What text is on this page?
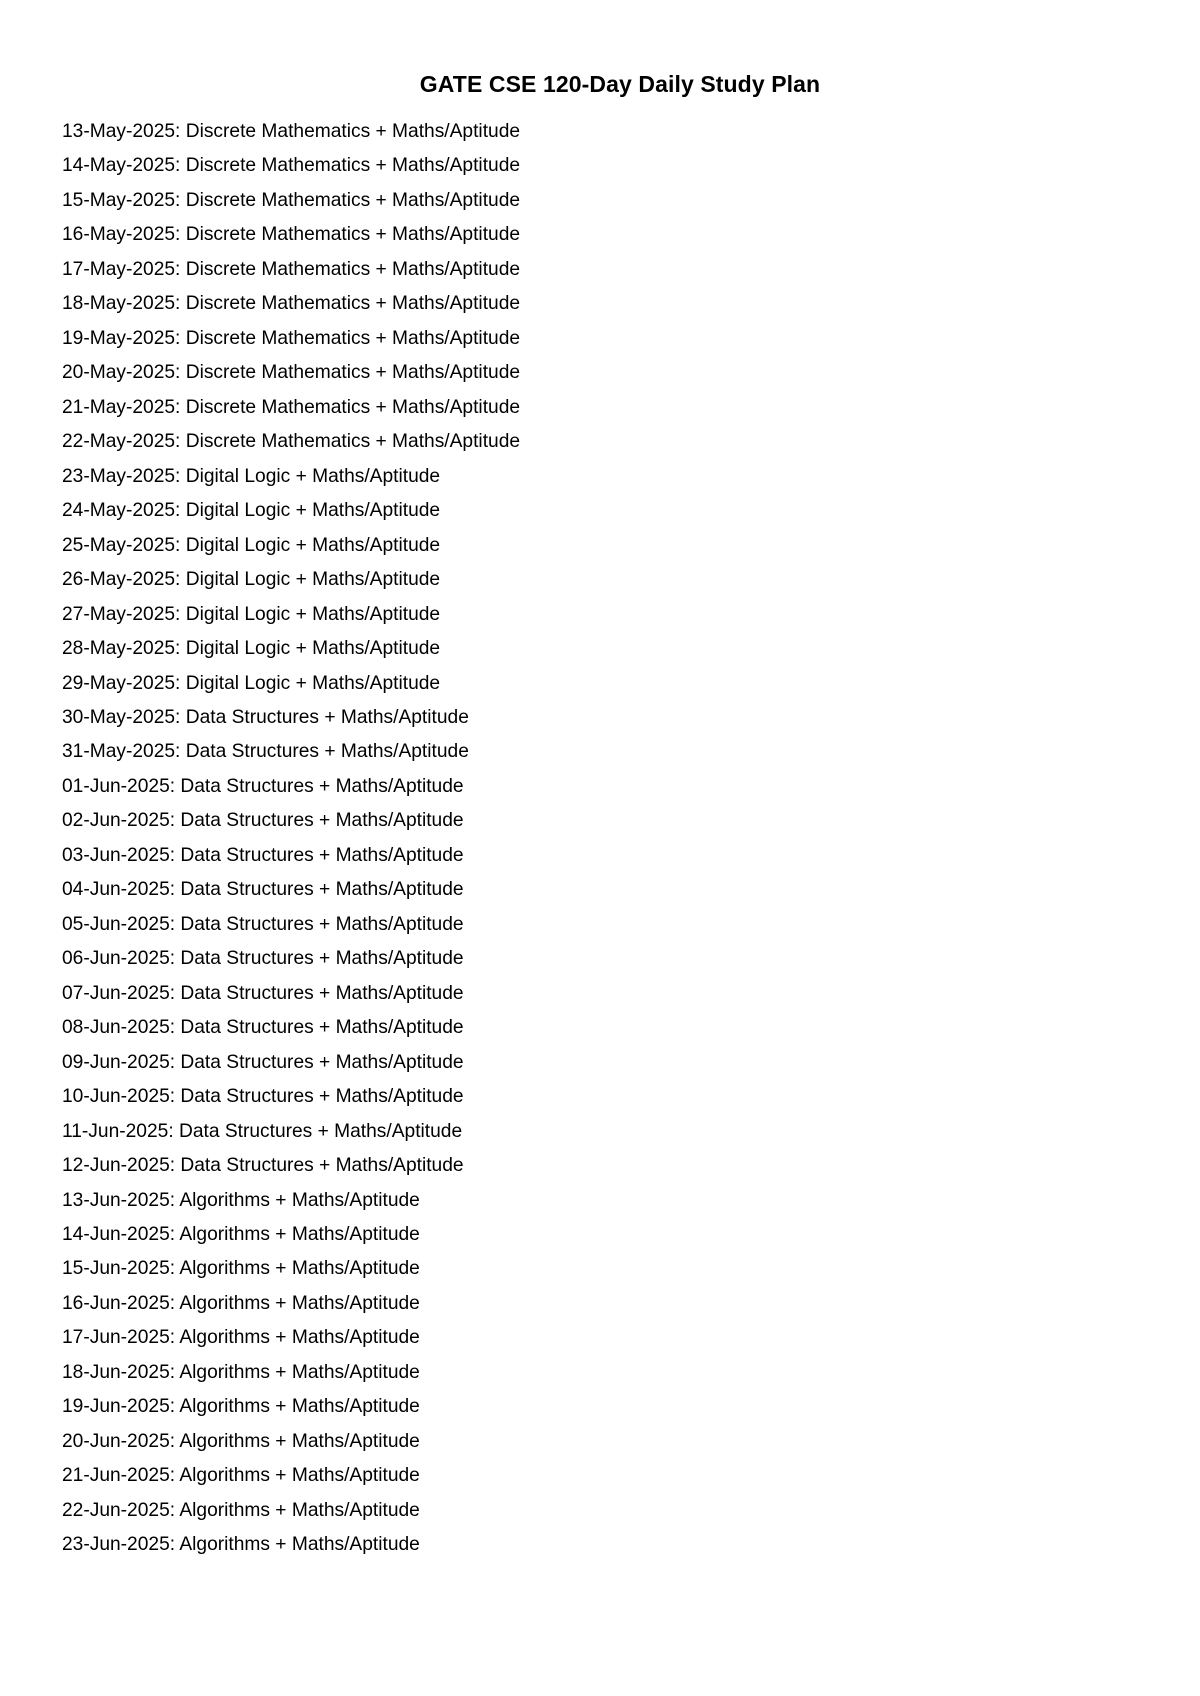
GATE CSE 120-Day Daily Study Plan
13-May-2025: Discrete Mathematics + Maths/Aptitude
14-May-2025: Discrete Mathematics + Maths/Aptitude
15-May-2025: Discrete Mathematics + Maths/Aptitude
16-May-2025: Discrete Mathematics + Maths/Aptitude
17-May-2025: Discrete Mathematics + Maths/Aptitude
18-May-2025: Discrete Mathematics + Maths/Aptitude
19-May-2025: Discrete Mathematics + Maths/Aptitude
20-May-2025: Discrete Mathematics + Maths/Aptitude
21-May-2025: Discrete Mathematics + Maths/Aptitude
22-May-2025: Discrete Mathematics + Maths/Aptitude
23-May-2025: Digital Logic + Maths/Aptitude
24-May-2025: Digital Logic + Maths/Aptitude
25-May-2025: Digital Logic + Maths/Aptitude
26-May-2025: Digital Logic + Maths/Aptitude
27-May-2025: Digital Logic + Maths/Aptitude
28-May-2025: Digital Logic + Maths/Aptitude
29-May-2025: Digital Logic + Maths/Aptitude
30-May-2025: Data Structures + Maths/Aptitude
31-May-2025: Data Structures + Maths/Aptitude
01-Jun-2025: Data Structures + Maths/Aptitude
02-Jun-2025: Data Structures + Maths/Aptitude
03-Jun-2025: Data Structures + Maths/Aptitude
04-Jun-2025: Data Structures + Maths/Aptitude
05-Jun-2025: Data Structures + Maths/Aptitude
06-Jun-2025: Data Structures + Maths/Aptitude
07-Jun-2025: Data Structures + Maths/Aptitude
08-Jun-2025: Data Structures + Maths/Aptitude
09-Jun-2025: Data Structures + Maths/Aptitude
10-Jun-2025: Data Structures + Maths/Aptitude
11-Jun-2025: Data Structures + Maths/Aptitude
12-Jun-2025: Data Structures + Maths/Aptitude
13-Jun-2025: Algorithms + Maths/Aptitude
14-Jun-2025: Algorithms + Maths/Aptitude
15-Jun-2025: Algorithms + Maths/Aptitude
16-Jun-2025: Algorithms + Maths/Aptitude
17-Jun-2025: Algorithms + Maths/Aptitude
18-Jun-2025: Algorithms + Maths/Aptitude
19-Jun-2025: Algorithms + Maths/Aptitude
20-Jun-2025: Algorithms + Maths/Aptitude
21-Jun-2025: Algorithms + Maths/Aptitude
22-Jun-2025: Algorithms + Maths/Aptitude
23-Jun-2025: Algorithms + Maths/Aptitude
